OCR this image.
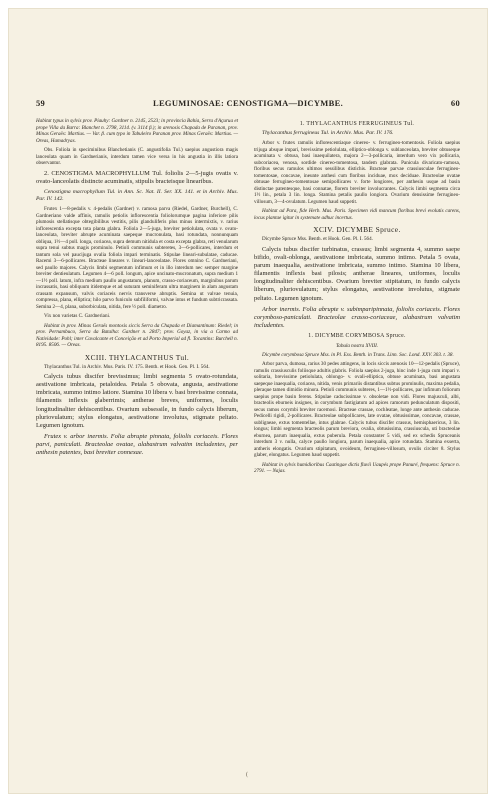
59	LEGUMINOSAE: CENOSTIGMA—DICYMBE.	60

Habitat typus in sylvis prov. Piauhy: Gardner n. 2145, 2523; in provincia Bahia, Serra d'Açurua et prope Villa da Barra: Blanchet n. 2798, 3114. (v. 3114 β.); in arenosis Chapada de Paranan, prov. Minas Geraës: Martius. — Var. β. cum typo in Tabuleiro Paranan prov. Minas Geraës: Martius. — Oreas, Hamadryas.

Obs. Foliola in speciminibus Blanchetianis (C. angustifolia Tul.) saepius angustiora magis lanceolata quam in Gardnerianis, interdum tamen vice versa in his angustia in illis latiora observantur.

2. CENOSTIGMA MACROPHYLLUM Tul. foliolis 2—5-jugis ovatis v. ovato-lanceolatis distincte acuminatis, stipulis bracteisque linearibus.

Cenostigma macrophyllum Tul. in Ann. Sc. Nat. II. Ser. XX. 141. et in Archiv. Mus. Par. IV. 142.

Frutex 1—8-pedalis v. 4-pedalis (Gardner) v. ramosa parva (Riedel, Gardner, Burchell), C. Gardneriano valde affinis, ramulis petiolis inflorescentia foliolorumque pagina inferiore pilis plumosis stellatisque obtegibilibus vestitis, pilis glanduliferis plus minus intermixtis, v. rarius inflorescentia excepta tota planta glabra. Foliola 2—5-juga, breviter petiolulata, ovata v. ovato-lanceolata, breviter abrupte acuminata saepeque mucronulata, basi rotundata, nonnunquam obliqua, 1½—4 poll. longa, coriacea, supra demum nitidula et costa excepta glabra, reti venularum supra tenui subtus magis prominulo. Petioli communis subteretes, 3—6-pollicares, interdum et tantum sola vel paucijuga ovalia foliola impari terminatis. Stipulae lineari-subulatae, caducae. Racemi 3—6-pollicares. Bracteae lineares v. lineari-lanceolatae. Flores omnino C. Gardneriani, sed paullo majores. Calycis limbi segmentum infimum et in illo interdum nec semper margine breviter dentieulatum. Legumen 4—6 poll. longum, apice uncinato-mucronatum, supra medium 1—1½ poll. latum, infra medium paullo angustatum, planum, crasso-coriaceum, marginibus parum incrassatis, basi obliquum itidemque et ad suturam seminiferam ultra marginem in alam angustam crassam expansum, valvis coriaceis nervis transverse abruptis. Semina ut valvae tenuia, compressa, plana, elliptica; hilo parvo funiculo subfiliformi, valvae intus et fundum subtricrassata. Semina 2—4, plana, suborbiculata, nitida, fere ½ poll. diametro.

Vix non varietas C. Gardneriani.

Habitat in prov. Minas Geraës montosis siccis Serra da Chapada et Diamantinum: Riedel; in prov. Pernambuco, Serra da Batalha: Gardner n. 2847; prov. Goyaz, in via a Carmo ad Natividade: Pohl; inter Cavalcante et Conceição et ad Porto Imperial ad fl. Tocantins: Burchell n. 8195. 8506. — Oreas.

XCIII. THYLACANTHUS Tul.

Thylacanthus Tul. in Archiv. Mus. Paris. IV. 175. Benth. et Hook. Gen. Pl. I. 564.

Calycis tubus discifer brevissimus; limbi segmenta 5 ovato-rotundata, aestivatione imbricata, petaloidea. Petala 5 obovata, angusta, aestivatione imbricata, summo intimo latiore. Stamina 10 libera v. basi brevissime connata, filamentis inflexis glaberrimis; antherae breves, uniformes, loculis longitudinaliter dehiscentibus. Ovarium subsessile, in fundo calycis liberum, pluriovulatum; stylus elongatus, aestivatione involutus, stigmate peltato. Legumen ignotum.

Frutex v. arbor inermis. Folia abrupte pinnata, foliolis coriaceis. Flores parvi, paniculati. Bracteolae ovatae, alabastrum valvatim includentes, per anthesin patentes, basi breviter connexae.

1. THYLACANTHUS FERRUGINEUS Tul.

Thylacanthus ferrugineus Tul. in Archiv. Mus. Par. IV. 176.

Arbor v. frutex ramulis inflorescentiaque cinereo- v. ferrugineo-tomentosis. Foliola saepius trijuga absque impari, brevissime petiolulata, elliptico-oblonga v. sublanceolata, breviter obtuseque acuminata v. obtusa, basi inaequilatera, majora 2—3-pollicaria, interdum vero vix pollicaria, subcoriacea, venosa, sordide cinereo-tomentosa, tandem glabrata. Panicula divaricato-ramosa, floribus secus ramulos ultimos sessilibus distichis. Bracteae parvae crassiusculae ferrugineo-tomentosae, concavae, ineunte anthesi cum floribus inciduae, mox deciduae. Bracteolae ovatae obtusae ferrugineo-tomentosae semipollicares v. forte longiores, per anthesin usque ad basin distinctae patentesque, basi connatae, florem breviter involucrantes. Calycis limbi segmenta circa 1½ lin., petala 3 lin. longa. Stamina petalis paullo longiora. Ovarium densissime ferrugineo-villosum, 3—4-ovulatum. Legumen haud suppetit.

Habitat ad Para, fide Herb. Mus. Paris. Specimen vidi mancum floribus brevi evolutis carens, locus plantae igitur in systemate adhuc incertus.

XCIV. DICYMBE Spruce.

Dicymbe Spruce Mss. Benth. et Hook. Gen. Pl. I. 564.

Calycis tubus discifer turbinatus, crassus; limbi segmenta 4, summo saepe bifido, ovali-oblonga, aestivatione imbricata, summo intimo. Petala 5 ovata, parum inaequalia, aestivatione imbricata, summo intimo. Stamina 10 libera, filamentis inflexis basi pilosis; antherae lineares, uniformes, loculis longitudinaliter dehiscentibus. Ovarium breviter stipitatum, in fundo calycis liberum, pluriovulatum; stylus elongatus, aestivatione involutus, stigmate peltato. Legumen ignotum.

Arbor inermis. Folia abrupte v. subimparipinnata, foliolis coriaceis. Flores corymboso-paniculati. Bracteolae crasso-coriaceae, alabastrum valvatim includentes.

1. DICYMBE CORYMBOSA Spruce.

Tabula nostra XVIII.

Dicymbe corymbosa Spruce Mss. in Pl. Exs. Benth. in Trans. Linn. Soc. Lond. XXV. 303. t. 38.

Arbor parva, dumosa, rarius 30 pedes attingens, in locis siccis arenosis 10—12-pedalis (Spruce), ramulis crassiusculis foliisque adultis glabris. Foliola saepius 2-juga, hinc inde 1-juga cum impari v. solitaria, brevissime petiolulata, oblongo- v. ovali-elliptica, obtuse acuminata, basi angustata saepeque inaequalia, coriacea, nitida, venis primariis distantibus subtus prominulis, maxima pedalia, pleraque tamen dimidio minora. Petioli communis subteres, 1—1½-pollicares, par infimum foliorum saepius prope basin ferens. Stipulae caducissimae v. obsoletae non vidi. Flores majusculi, albi, bracteolis eburneis insignes, in corymbum fastigiatum ad apices ramorum pedunculatum dispositi, secus ramos corymbi breviter racemosi. Bracteae crassae, cochleatae, longe ante anthesin caducae. Pedicelli rigidi, 2-pollicares. Bracteolae subpollicares, late ovatae, obtusissimae, concavae, crassae, subligneae, extus tomentellae, intus glabrae. Calycis tubus discifer crassus, hemisphaericus, 3 lin. longus; limbi segmenta bracteolis parum breviora, ovalia, obtusissima, crassiuscula, uti bracteolae eburnea, parum inaequalia, extus puberula. Petala constanter 5 vidi, sed ex schedis Spruceanis interdum 3 v. nulla, calyce paullo longiora, parum inaequalia, apice rotundata. Stamina exserta, antheris elongatis. Ovarium stipitatum, ovoideum, ferrugineo-villosum, ovulis circiter 8. Stylus glaber, elongatus. Legumen haud suppetit.

Habitat in sylvis humidioribus Caatingae dictis fluvii Uaupés prope Panuré, frequens: Spruce n. 2791. — Najas.

(
